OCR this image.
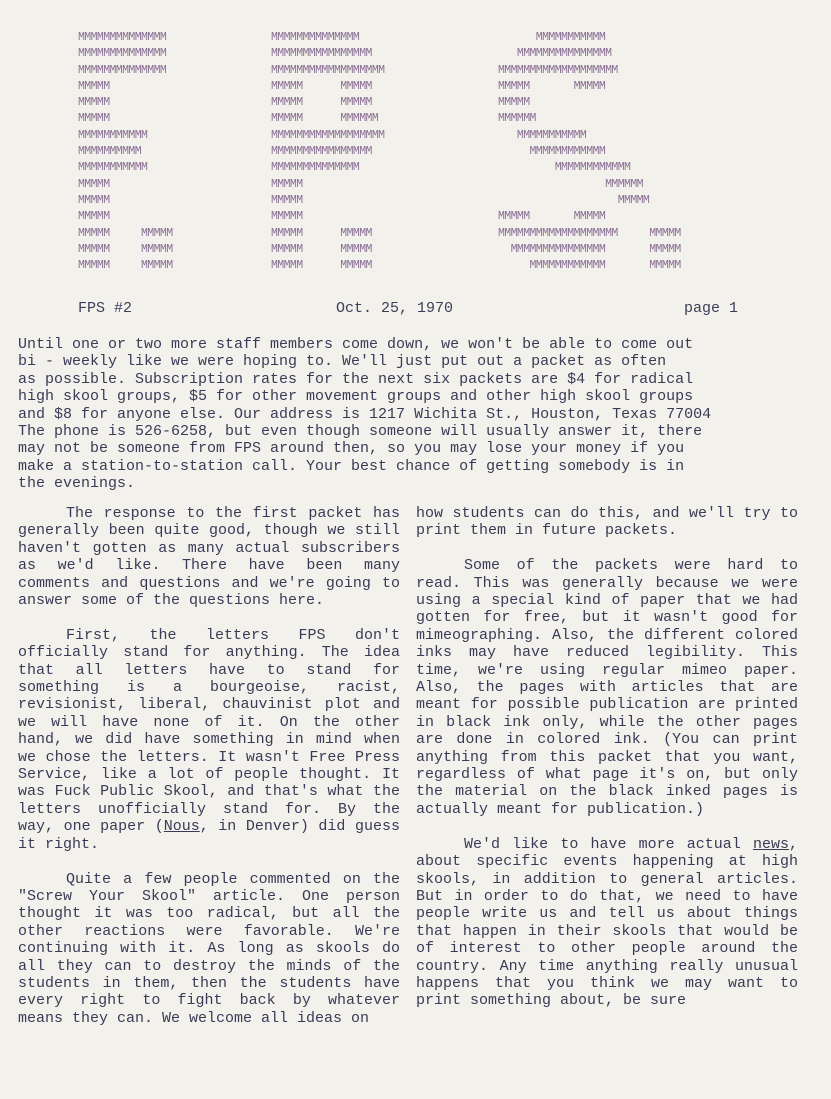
MMMMMMMMMMMMMM
MMMMMMMMMMMMMM
MMMMMMMMMMMMMM
MMMMM
MMMMM
MMMMM
MMMMMMMMMMM
MMMMMMMMMM
MMMMMMMMMMM
MMMMM
MMMMM
MMMMM
MMMMM     MMMMM
MMMMM     MMMMM
MMMMM     MMMMM
MMMMMMMMMMMMMM
MMMMMMMMMMMMMMMM
MMMMMMMMMMMMMMMMMM
MMMMM      MMMMM
MMMMM      MMMMM
MMMMM      MMMMMM
MMMMMMMMMMMMMMMMMM
MMMMMMMMMMMMMMMM
MMMMMMMMMMMMMM
MMMMM
MMMMM
MMMMM
MMMMM      MMMMM
MMMMM      MMMMM
MMMMM      MMMMM
MMMMMMMMMMM
MMMMMMMMMMMMMMM
MMMMMMMMMMMMMMMMMMM
MMMMM       MMMMM
MMMMM
MMMMMM
MMMMMMMMMMM
MMMMMMMMMMMM
MMMMMMMMMMMM
MMMMMM
MMMMM
MMMMM       MMMMM
MMMMMMMMMMMMMMMMMMM     MMMMM
MMMMMMMMMMMMMMM       MMMMM
MMMMMMMMMMMM       MMMMM
FPS #2	Oct. 25, 1970	page 1
Until one or two more staff members come down, we won't be able to come out
bi - weekly like we were hoping to. We'll just put out a packet as often
as possible. Subscription rates for the next six packets are $4 for radical
high skool groups, $5 for other movement groups and other high skool groups
and $8 for anyone else. Our address is 1217 Wichita St., Houston, Texas 77004
The phone is 526-6258, but even though someone will usually answer it, there
may not be someone from FPS around then, so you may lose your money if you
make a station-to-station call. Your best chance of getting somebody is in
the evenings.

The response to the first packet has generally been quite good, though we still haven't gotten as many actual subscribers as we'd like. There have been many comments and questions and we're going to answer some of the questions here.

First, the letters FPS don't officially stand for anything. The idea that all letters have to stand for something is a bourgeoise, racist, revisionist, liberal, chauvinist plot and we will have none of it. On the other hand, we did have something in mind when we chose the letters. It wasn't Free Press Service, like a lot of people thought. It was Fuck Public Skool, and that's what the letters unofficially stand for. By the way, one paper (Nous, in Denver) did guess it right.

Quite a few people commented on the "Screw Your Skool" article. One person thought it was too radical, but all the other reactions were favorable. We're continuing with it. As long as skools do all they can to destroy the minds of the students in them, then the students have every right to fight back by whatever means they can. We welcome all ideas on

how students can do this, and we'll try to print them in future packets.

Some of the packets were hard to read. This was generally because we were using a special kind of paper that we had gotten for free, but it wasn't good for mimeographing. Also, the different colored inks may have reduced legibility. This time, we're using regular mimeo paper. Also, the pages with articles that are meant for possible publication are printed in black ink only, while the other pages are done in colored ink. (You can print anything from this packet that you want, regardless of what page it's on, but only the material on the black inked pages is actually meant for publication.)

We'd like to have more actual news, about specific events happening at high skools, in addition to general articles. But in order to do that, we need to have people write us and tell us about things that happen in their skools that would be of interest to other people around the country. Any time anything really unusual happens that you think we may want to print something about, be sure
